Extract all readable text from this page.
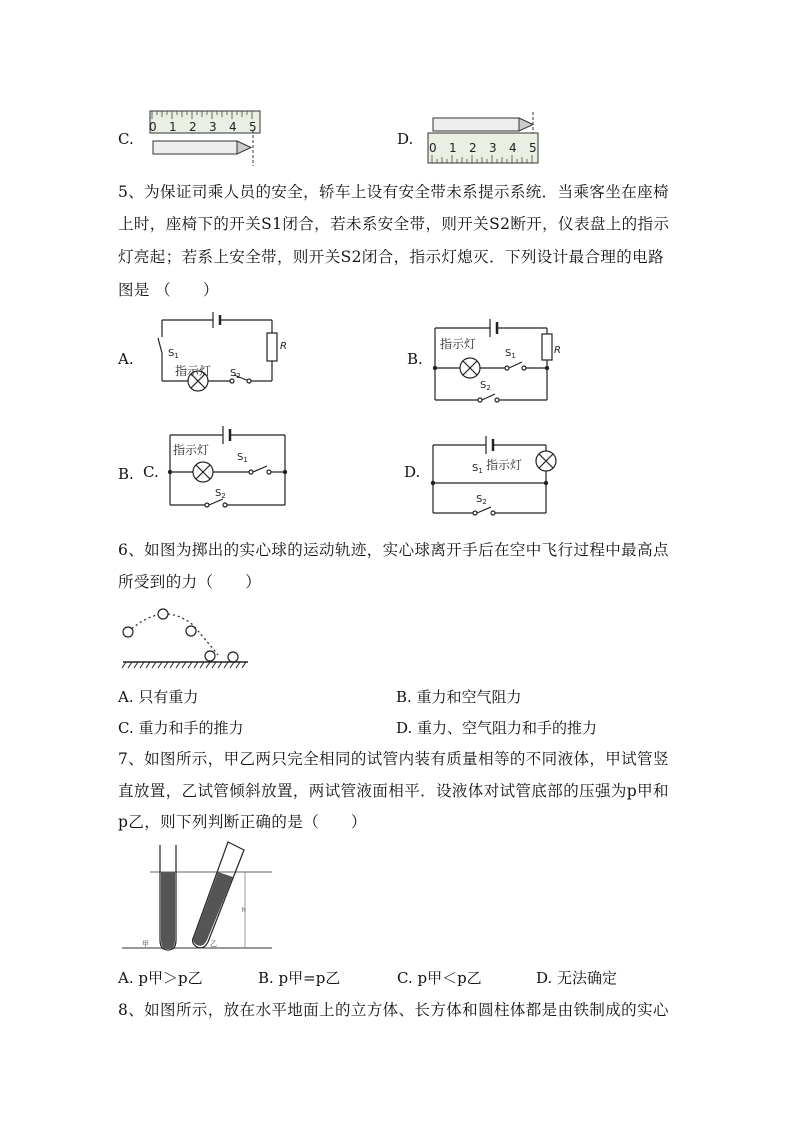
C.
0 1 2 3 4 5
D. 0 1 2 3 4 5
5、为保证司乘人员的安全，轿车上设有安全带未系提示系统．当乘客坐在座椅
上时，座椅下的开关S1闭合，若未系安全带，则开关S2断开，仪表盘上的指示
灯亮起；若系上安全带，则开关S2闭合，指示灯熄灭．下列设计最合理的电路
图是 （　　）
A.	$S_1$
指示灯 $S_2$
R
B.
指示灯
$S_1$	R
$S_2$
B. C.
指示灯
$S_1$
$S_2$
D.	$S_1$ 指示灯
$S_2$
6、如图为掷出的实心球的运动轨迹，实心球离开手后在空中飞行过程中最高点
所受到的力（　　）
A. 只有重力	B. 重力和空气阻力
C. 重力和手的推力	D. 重力、空气阻力和手的推力
7、如图所示，甲乙两只完全相同的试管内装有质量相等的不同液体，甲试管竖
直放置，乙试管倾斜放置，两试管液面相平．设液体对试管底部的压强为p甲和
p乙，则下列判断正确的是（　　）
甲	乙
h
A. p甲＞p乙	B. p甲=p乙	C. p甲＜p乙	D. 无法确定
8、如图所示，放在水平地面上的立方体、长方体和圆柱体都是由铁制成的实心
